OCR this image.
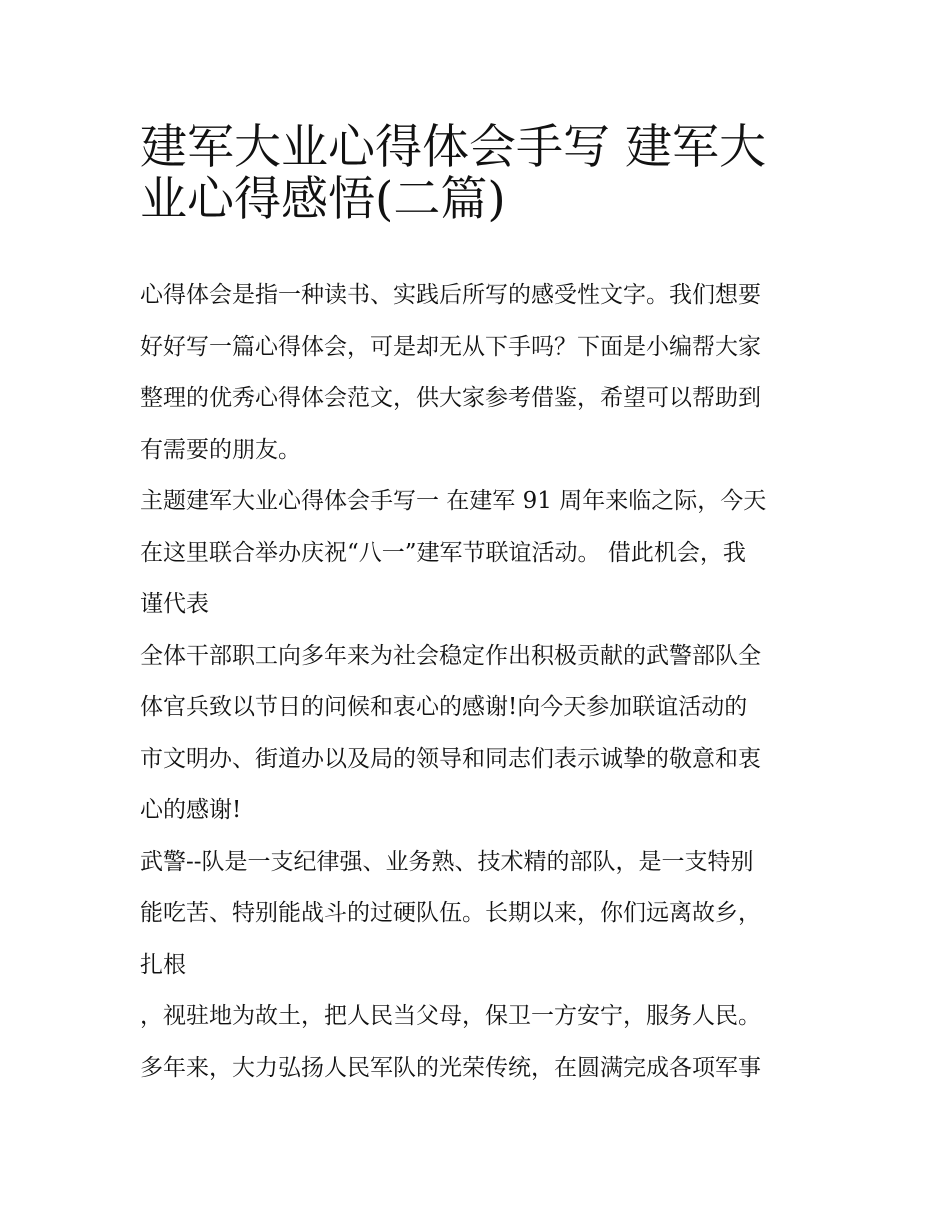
建军大业心得体会手写 建军大
业心得感悟(二篇)
心得体会是指一种读书、实践后所写的感受性文字。我们想要
好好写一篇心得体会，可是却无从下手吗？下面是小编帮大家
整理的优秀心得体会范文，供大家参考借鉴，希望可以帮助到
有需要的朋友。
主题建军大业心得体会手写一 在建军 91 周年来临之际，今天
在这里联合举办庆祝“八一”建军节联谊活动。 借此机会，我
谨代表
全体干部职工向多年来为社会稳定作出积极贡献的武警部队全
体官兵致以节日的问候和衷心的感谢!向今天参加联谊活动的
市文明办、街道办以及局的领导和同志们表示诚挚的敬意和衷
心的感谢!
武警--队是一支纪律强、业务熟、技术精的部队，是一支特别
能吃苦、特别能战斗的过硬队伍。长期以来，你们远离故乡，
扎根
，视驻地为故土，把人民当父母，保卫一方安宁，服务人民。
多年来，大力弘扬人民军队的光荣传统，在圆满完成各项军事
